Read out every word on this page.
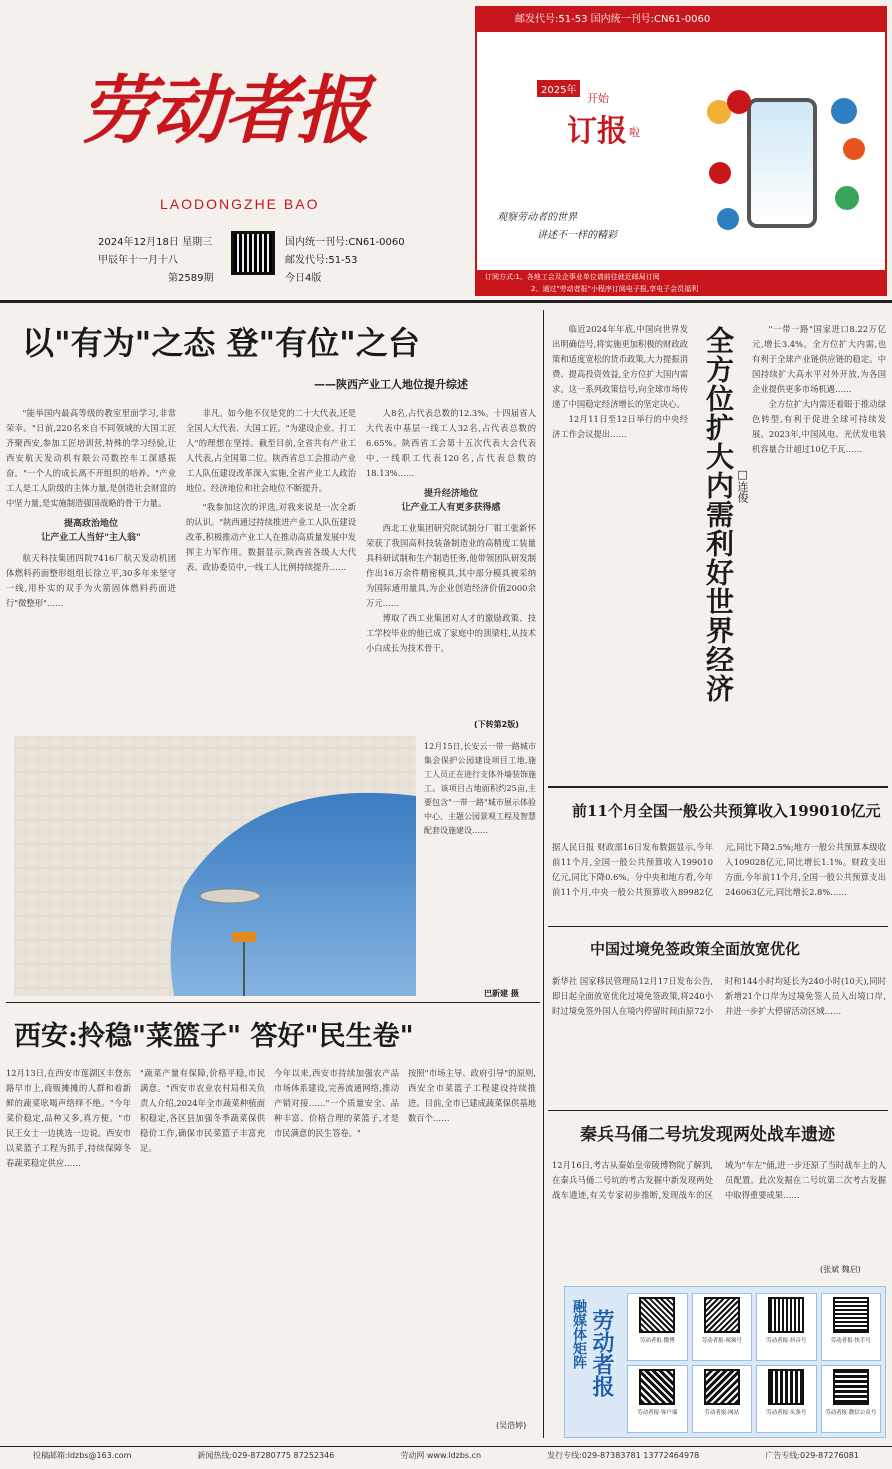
劳动者报
LAODONGZHE BAO
2024年12月18日 星期三
甲辰年十一月十八
第2589期
国内统一刊号:CN61-0060
邮发代号:51-53
今日4版
邮发代号:51-53 国内统一刊号:CN61-0060
2025年
开始
订报 啦
观察劳动者的世界
讲述不一样的精彩
订阅方式:1、各地工会及企事业单位请前往就近邮局订阅
2、通过"劳动者报"小程序订阅电子报,享电子会员福利
以"有为"之态 登"有位"之台
——陕西产业工人地位提升综述

"能举国内最高等级的教室里面学习,非常荣幸。"日前,220名来自不同领域的大国工匠齐聚西安,参加工匠培训营,特殊的学习经验,让西安航天发动机有限公司数控车工深感振奋。"一个人的成长离不开组织的培养。"产业工人是工人阶级的主体力量,是创造社会财富的中坚力量,是实施制造强国战略的骨干力量。

提高政治地位
让产业工人当好"主人翁"

航天科技集团四院7416厂航天发动机团体燃料药面整形组组长徐立平,30多年来坚守一线,用朴实的双手为火箭固体燃料药面进行"微整形"……

非凡。如今他不仅是党的二十大代表,还是全国人大代表、大国工匠。"为建设企业、打工人"的理想在坚持。截至目前,全省共有产业工人代表,占全国第二位。陕西省总工会推动产业工人队伍建设改革深入实施,全省产业工人政治地位、经济地位和社会地位不断提升。

"我参加这次的评选,对我来说是一次全新的认识。"陕西通过持续推进产业工人队伍建设改革,积极推动产业工人在推动高质量发展中发挥主力军作用。数据显示,陕西省各级人大代表、政协委员中,一线工人比例持续提升……

人8名,占代表总数的12.3%。十四届省人大代表中基层一线工人32名,占代表总数的6.65%。陕西省工会第十五次代表大会代表中,一线职工代表120名,占代表总数的18.13%……

提升经济地位
让产业工人有更多获得感

西北工业集团研究院试制分厂钳工张新怀荣获了我国高科技装备制造业的高精度工装量具科研试制和生产制造任务,他带领团队研发制作出16万余件精密模具,其中部分模具被采纳为国际通用量具,为企业创造经济价值2000余万元……

博取了西工业集团对人才的激励政策、技工学校毕业的他已成了家庭中的顶梁柱,从技术小白成长为技术骨干。

(下转第2版)
12月15日,长安云一带一路城市集会保护公园建设项目工地,施工人员正在进行支体外墙装饰施工。该项目占地面积约25亩,主要包含"一带一路"城市展示体验中心、主题公园景观工程及智慧配套设施建设……
巴新建 摄
西安:拎稳"菜篮子" 答好"民生卷"
12月13日,在西安市莲湖区丰登东路早市上,商贩摊摊的人群和着新鲜的蔬菜吆喝声络绎不绝。"今年菜价稳定,品种又多,真方便。"市民王女士一边挑选一边说。西安市以菜篮子工程为抓手,持续保障冬春蔬菜稳定供应……
"蔬菜产量有保障,价格平稳,市民满意。"西安市农业农村局相关负责人介绍,2024年全市蔬菜种植面积稳定,各区县加强冬季蔬菜保供稳价工作,确保市民菜篮子丰富充足。
今年以来,西安市持续加强农产品市场体系建设,完善流通网络,推动产销对接……"一个质量安全、品种丰富、价格合理的菜篮子,才是市民满意的民生答卷。"
按照"市场主导、政府引导"的原则,西安全市菜篮子工程建设持续推进。目前,全市已建成蔬菜保供基地数百个……
(吴浩婷)

临近2024年年底,中国向世界发出明确信号,将实施更加积极的财政政策和适度宽松的货币政策,大力提振消费、提高投资效益,全方位扩大国内需求。这一系列政策信号,向全球市场传递了中国稳定经济增长的坚定决心。

12月11日至12日举行的中央经济工作会议提出……	全方位扩大内需利好世界经济 □连俊

"一带一路"国家进口8.22万亿元,增长3.4%。全方位扩大内需,也有利于全球产业链供应链的稳定。中国持续扩大高水平对外开放,为各国企业提供更多市场机遇……

全方位扩大内需还着眼于推动绿色转型,有利于促进全球可持续发展。2023年,中国风电、光伏发电装机容量合计超过10亿千瓦……

前11个月全国一般公共预算收入199010亿元
据人民日报 财政部16日发布数据显示,今年前11个月,全国一般公共预算收入199010亿元,同比下降0.6%。分中央和地方看,今年前11个月,中央一般公共预算收入89982亿元,同比下降2.5%;地方一般公共预算本级收入109028亿元,同比增长1.1%。财政支出方面,今年前11个月,全国一般公共预算支出246063亿元,同比增长2.8%……
中国过境免签政策全面放宽优化
新华社 国家移民管理局12月17日发布公告,即日起全面放宽优化过境免签政策,将240小时过境免签外国人在境内停留时间由原72小时和144小时均延长为240小时(10天),同时新增21个口岸为过境免签人员入出境口岸,并进一步扩大停留活动区域……
秦兵马俑二号坑发现两处战车遗迹
12月16日,考古从秦始皇帝陵博物院了解到,在秦兵马俑二号坑的考古发掘中新发现两处战车遗迹,有关专家初步推断,发现战车的区域为"车左"俑,进一步还原了当时战车上的人员配置。此次发掘在二号坑第二次考古发掘中取得重要成果……
(张斌 魏启)
劳动者报
融媒体矩阵	劳动者报·微博	劳动者报·视频号	劳动者报·抖音号	劳动者报·快手号
劳动者报·客户端	劳动者报·网站	劳动者报·头条号	劳动者报·微信公众号
投稿邮箱:ldzbs@163.com	新闻热线:029-87280775 87252346	劳动网 www.ldzbs.cn	发行专线:029-87383781 13772464978	广告专线:029-87276081
